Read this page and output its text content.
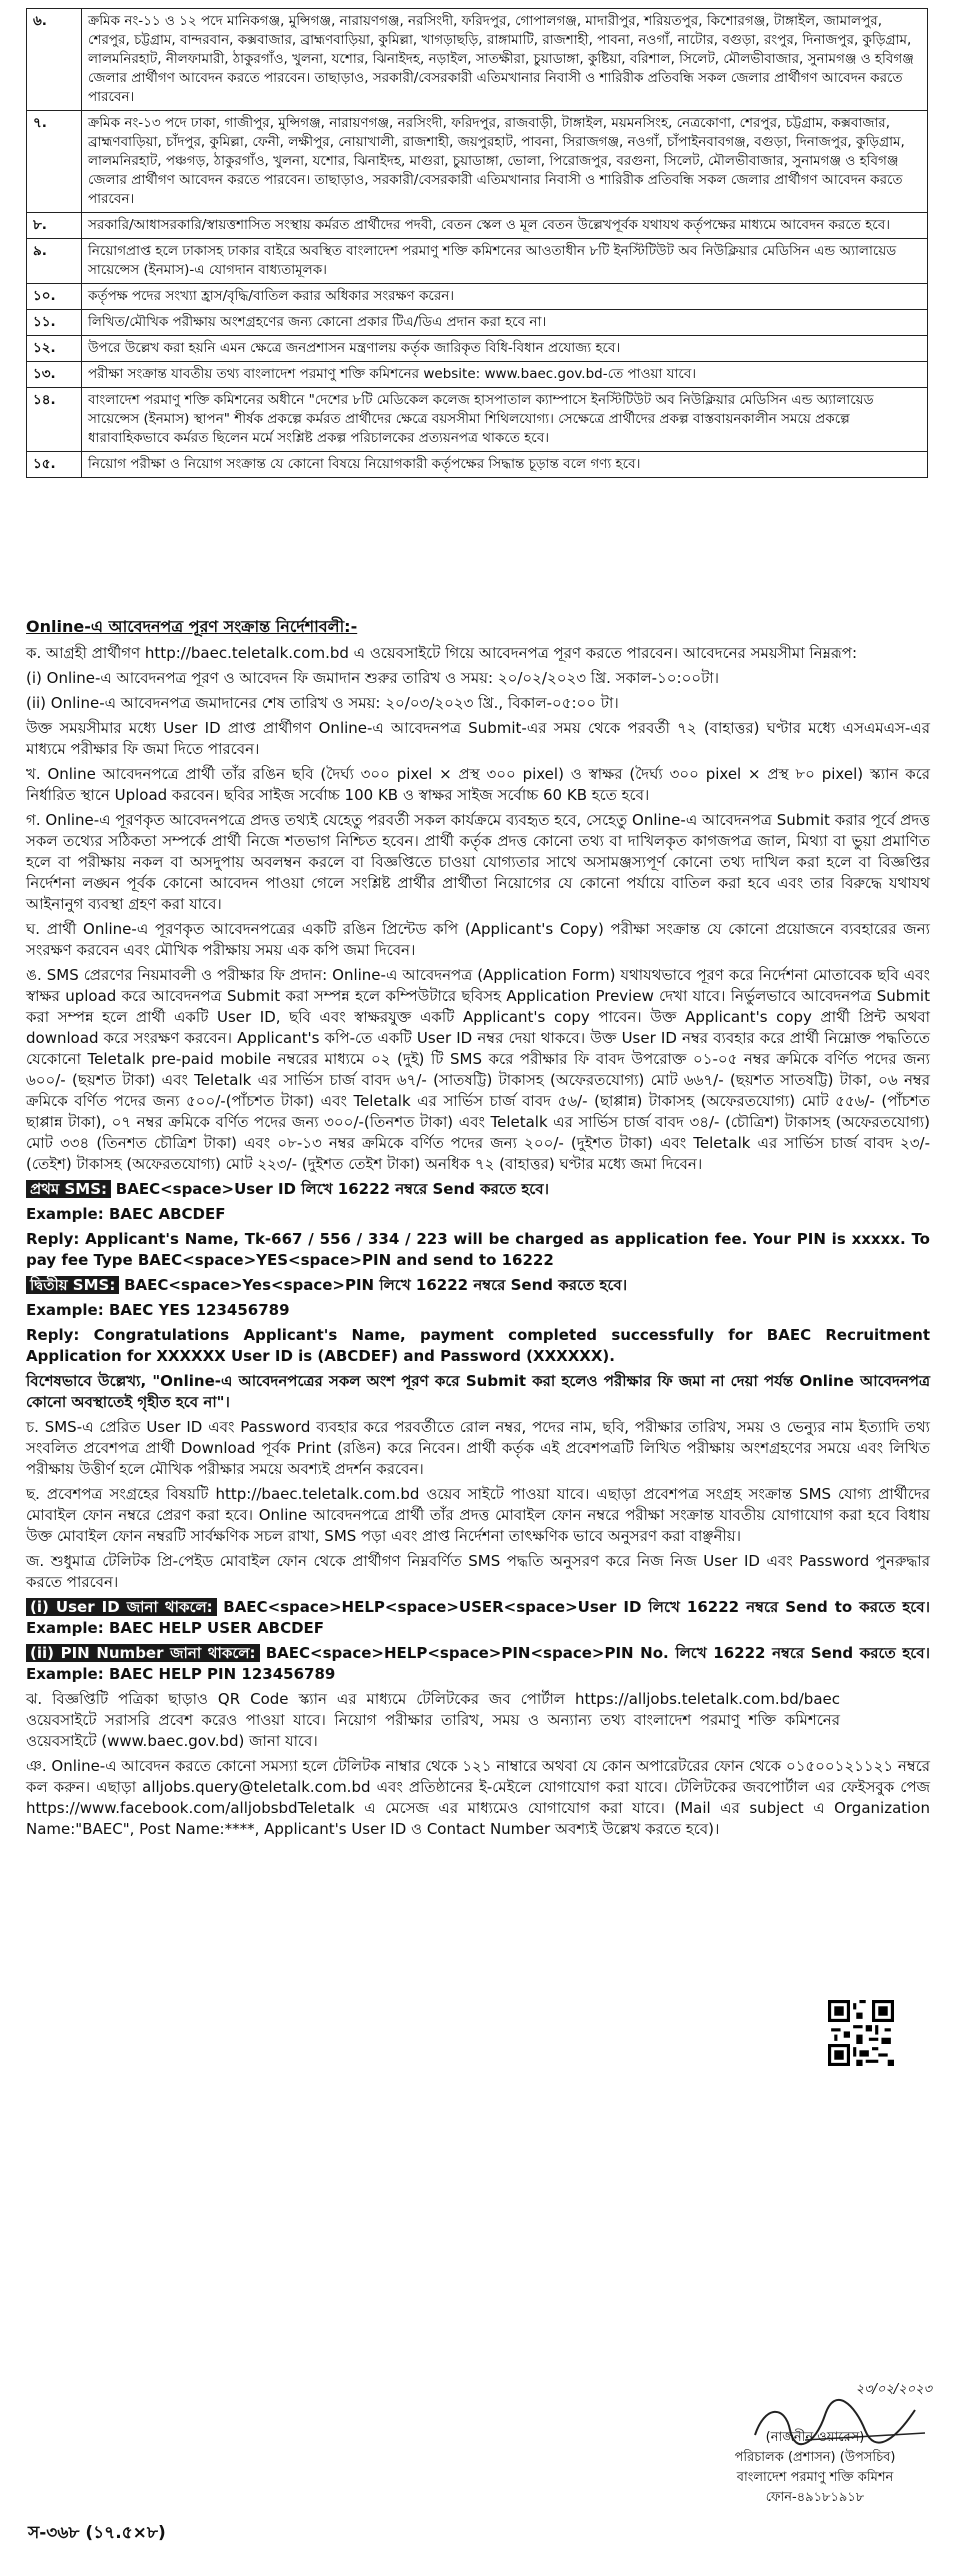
৬.	ক্রমিক নং-১১ ও ১২ পদে মানিকগঞ্জ, মুন্সিগঞ্জ, নারায়ণগঞ্জ, নরসিংদী, ফরিদপুর, গোপালগঞ্জ, মাদারীপুর, শরিয়তপুর, কিশোরগঞ্জ, টাঙ্গাইল, জামালপুর, শেরপুর, চট্টগ্রাম, বান্দরবান, কক্সবাজার, ব্রাহ্মণবাড়িয়া, কুমিল্লা, খাগড়াছড়ি, রাঙ্গামাটি, রাজশাহী, পাবনা, নওগাঁ, নাটোর, বগুড়া, রংপুর, দিনাজপুর, কুড়িগ্রাম, লালমনিরহাট, নীলফামারী, ঠাকুরগাঁও, খুলনা, যশোর, ঝিনাইদহ, নড়াইল, সাতক্ষীরা, চুয়াডাঙ্গা, কুষ্টিয়া, বরিশাল, সিলেট, মৌলভীবাজার, সুনামগঞ্জ ও হবিগঞ্জ জেলার প্রার্থীগণ আবেদন করতে পারবেন। তাছাড়াও, সরকারী/বেসরকারী এতিমখানার নিবাসী ও শারিরীক প্রতিবন্ধি সকল জেলার প্রার্থীগণ আবেদন করতে পারবেন।
৭.	ক্রমিক নং-১৩ পদে ঢাকা, গাজীপুর, মুন্সিগঞ্জ, নারায়ণগঞ্জ, নরসিংদী, ফরিদপুর, রাজবাড়ী, টাঙ্গাইল, ময়মনসিংহ, নেত্রকোণা, শেরপুর, চট্টগ্রাম, কক্সবাজার, ব্রাহ্মণবাড়িয়া, চাঁদপুর, কুমিল্লা, ফেনী, লক্ষীপুর, নোয়াখালী, রাজশাহী, জয়পুরহাট, পাবনা, সিরাজগঞ্জ, নওগাঁ, চাঁপাইনবাবগঞ্জ, বগুড়া, দিনাজপুর, কুড়িগ্রাম, লালমনিরহাট, পঞ্চগড়, ঠাকুরগাঁও, খুলনা, যশোর, ঝিনাইদহ, মাগুরা, চুয়াডাঙ্গা, ভোলা, পিরোজপুর, বরগুনা, সিলেট, মৌলভীবাজার, সুনামগঞ্জ ও হবিগঞ্জ জেলার প্রার্থীগণ আবেদন করতে পারবেন। তাছাড়াও, সরকারী/বেসরকারী এতিমখানার নিবাসী ও শারিরীক প্রতিবন্ধি সকল জেলার প্রার্থীগণ আবেদন করতে পারবেন।
৮.	সরকারি/আধাসরকারি/স্বায়ত্তশাসিত সংস্থায় কর্মরত প্রার্থীদের পদবী, বেতন স্কেল ও মূল বেতন উল্লেখপূর্বক যথাযথ কর্তৃপক্ষের মাধ্যমে আবেদন করতে হবে।
৯.	নিয়োগপ্রাপ্ত হলে ঢাকাসহ ঢাকার বাইরে অবস্থিত বাংলাদেশ পরমাণু শক্তি কমিশনের আওতাধীন ৮টি ইনস্টিটিউট অব নিউক্লিয়ার মেডিসিন এন্ড অ্যালায়েড সায়েন্সেস (ইনমাস)-এ যোগদান বাধ্যতামূলক।
১০.	কর্তৃপক্ষ পদের সংখ্যা হ্রাস/বৃদ্ধি/বাতিল করার অধিকার সংরক্ষণ করেন।
১১.	লিখিত/মৌখিক পরীক্ষায় অংশগ্রহণের জন্য কোনো প্রকার টিএ/ডিএ প্রদান করা হবে না।
১২.	উপরে উল্লেখ করা হয়নি এমন ক্ষেত্রে জনপ্রশাসন মন্ত্রণালয় কর্তৃক জারিকৃত বিধি-বিধান প্রযোজ্য হবে।
১৩.	পরীক্ষা সংক্রান্ত যাবতীয় তথ্য বাংলাদেশ পরমাণু শক্তি কমিশনের website: www.baec.gov.bd-তে পাওয়া যাবে।
১৪.	বাংলাদেশ পরমাণু শক্তি কমিশনের অধীনে "দেশের ৮টি মেডিকেল কলেজ হাসপাতাল ক্যাম্পাসে ইনস্টিটিউট অব নিউক্লিয়ার মেডিসিন এন্ড অ্যালায়েড সায়েন্সেস (ইনমাস) স্থাপন" শীর্ষক প্রকল্পে কর্মরত প্রার্থীদের ক্ষেত্রে বয়সসীমা শিথিলযোগ্য। সেক্ষেত্রে প্রার্থীদের প্রকল্প বাস্তবায়নকালীন সময়ে প্রকল্পে ধারাবাহিকভাবে কর্মরত ছিলেন মর্মে সংশ্লিষ্ট প্রকল্প পরিচালকের প্রত্যয়নপত্র থাকতে হবে।
১৫.	নিয়োগ পরীক্ষা ও নিয়োগ সংক্রান্ত যে কোনো বিষয়ে নিয়োগকারী কর্তৃপক্ষের সিদ্ধান্ত চূড়ান্ত বলে গণ্য হবে।

Online-এ আবেদনপত্র পূরণ সংক্রান্ত নির্দেশাবলী:-

ক. আগ্রহী প্রার্থীগণ http://baec.teletalk.com.bd এ ওয়েবসাইটে গিয়ে আবেদনপত্র পূরণ করতে পারবেন। আবেদনের সময়সীমা নিম্নরূপ:

(i) Online-এ আবেদনপত্র পূরণ ও আবেদন ফি জমাদান শুরুর তারিখ ও সময়: ২০/০২/২০২৩ খ্রি. সকাল-১০:০০টা।

(ii) Online-এ আবেদনপত্র জমাদানের শেষ তারিখ ও সময়: ২০/০৩/২০২৩ খ্রি., বিকাল-০৫:০০ টা।

উক্ত সময়সীমার মধ্যে User ID প্রাপ্ত প্রার্থীগণ Online-এ আবেদনপত্র Submit-এর সময় থেকে পরবর্তী ৭২ (বাহাত্তর) ঘণ্টার মধ্যে এসএমএস-এর মাধ্যমে পরীক্ষার ফি জমা দিতে পারবেন।

খ. Online আবেদনপত্রে প্রার্থী তাঁর রঙিন ছবি (দৈর্ঘ্য ৩০০ pixel × প্রস্থ ৩০০ pixel) ও স্বাক্ষর (দৈর্ঘ্য ৩০০ pixel × প্রস্থ ৮০ pixel) স্ক্যান করে নির্ধারিত স্থানে Upload করবেন। ছবির সাইজ সর্বোচ্চ 100 KB ও স্বাক্ষর সাইজ সর্বোচ্চ 60 KB হতে হবে।

গ. Online-এ পূরণকৃত আবেদনপত্রে প্রদত্ত তথ্যই যেহেতু পরবর্তী সকল কার্যক্রমে ব্যবহৃত হবে, সেহেতু Online-এ আবেদনপত্র Submit করার পূর্বে প্রদত্ত সকল তথ্যের সঠিকতা সম্পর্কে প্রার্থী নিজে শতভাগ নিশ্চিত হবেন। প্রার্থী কর্তৃক প্রদত্ত কোনো তথ্য বা দাখিলকৃত কাগজপত্র জাল, মিথ্যা বা ভুয়া প্রমাণিত হলে বা পরীক্ষায় নকল বা অসদুপায় অবলম্বন করলে বা বিজ্ঞপ্তিতে চাওয়া যোগ্যতার সাথে অসামঞ্জস্যপূর্ণ কোনো তথ্য দাখিল করা হলে বা বিজ্ঞপ্তির নির্দেশনা লঙ্ঘন পূর্বক কোনো আবেদন পাওয়া গেলে সংশ্লিষ্ট প্রার্থীর প্রার্থীতা নিয়োগের যে কোনো পর্যায়ে বাতিল করা হবে এবং তার বিরুদ্ধে যথাযথ আইনানুগ ব্যবস্থা গ্রহণ করা যাবে।

ঘ. প্রার্থী Online-এ পূরণকৃত আবেদনপত্রের একটি রঙিন প্রিন্টেড কপি (Applicant's Copy) পরীক্ষা সংক্রান্ত যে কোনো প্রয়োজনে ব্যবহারের জন্য সংরক্ষণ করবেন এবং মৌখিক পরীক্ষায় সময় এক কপি জমা দিবেন।

ঙ. SMS প্রেরণের নিয়মাবলী ও পরীক্ষার ফি প্রদান: Online-এ আবেদনপত্র (Application Form) যথাযথভাবে পূরণ করে নির্দেশনা মোতাবেক ছবি এবং স্বাক্ষর upload করে আবেদনপত্র Submit করা সম্পন্ন হলে কম্পিউটারে ছবিসহ Application Preview দেখা যাবে। নির্ভুলভাবে আবেদনপত্র Submit করা সম্পন্ন হলে প্রার্থী একটি User ID, ছবি এবং স্বাক্ষরযুক্ত একটি Applicant's copy পাবেন। উক্ত Applicant's copy প্রার্থী প্রিন্ট অথবা download করে সংরক্ষণ করবেন। Applicant's কপি-তে একটি User ID নম্বর দেয়া থাকবে। উক্ত User ID নম্বর ব্যবহার করে প্রার্থী নিম্নোক্ত পদ্ধতিতে যেকোনো Teletalk pre-paid mobile নম্বরের মাধ্যমে ০২ (দুই) টি SMS করে পরীক্ষার ফি বাবদ উপরোক্ত ০১-০৫ নম্বর ক্রমিকে বর্ণিত পদের জন্য ৬০০/- (ছয়শত টাকা) এবং Teletalk এর সার্ভিস চার্জ বাবদ ৬৭/- (সাতষট্টি) টাকাসহ (অফেরতযোগ্য) মোট ৬৬৭/- (ছয়শত সাতষট্টি) টাকা, ০৬ নম্বর ক্রমিকে বর্ণিত পদের জন্য ৫০০/-(পাঁচশত টাকা) এবং Teletalk এর সার্ভিস চার্জ বাবদ ৫৬/- (ছাপ্পান্ন) টাকাসহ (অফেরতযোগ্য) মোট ৫৫৬/- (পাঁচশত ছাপ্পান্ন টাকা), ০৭ নম্বর ক্রমিকে বর্ণিত পদের জন্য ৩০০/-(তিনশত টাকা) এবং Teletalk এর সার্ভিস চার্জ বাবদ ৩৪/- (চৌত্রিশ) টাকাসহ (অফেরতযোগ্য) মোট ৩৩৪ (তিনশত চৌত্রিশ টাকা) এবং ০৮-১৩ নম্বর ক্রমিকে বর্ণিত পদের জন্য ২০০/- (দুইশত টাকা) এবং Teletalk এর সার্ভিস চার্জ বাবদ ২৩/- (তেইশ) টাকাসহ (অফেরতযোগ্য) মোট ২২৩/- (দুইশত তেইশ টাকা) অনধিক ৭২ (বাহাত্তর) ঘণ্টার মধ্যে জমা দিবেন।

প্রথম SMS: BAEC<space>User ID লিখে 16222 নম্বরে Send করতে হবে।

Example: BAEC ABCDEF

Reply: Applicant's Name, Tk-667 / 556 / 334 / 223 will be charged as application fee. Your PIN is xxxxx. To pay fee Type BAEC<space>YES<space>PIN and send to 16222

দ্বিতীয় SMS: BAEC<space>Yes<space>PIN লিখে 16222 নম্বরে Send করতে হবে।

Example: BAEC YES 123456789

Reply: Congratulations Applicant's Name, payment completed successfully for BAEC Recruitment Application for XXXXXX User ID is (ABCDEF) and Password (XXXXXX).

বিশেষভাবে উল্লেখ্য, "Online-এ আবেদনপত্রের সকল অংশ পূরণ করে Submit করা হলেও পরীক্ষার ফি জমা না দেয়া পর্যন্ত Online আবেদনপত্র কোনো অবস্থাতেই গৃহীত হবে না"।

চ. SMS-এ প্রেরিত User ID এবং Password ব্যবহার করে পরবর্তীতে রোল নম্বর, পদের নাম, ছবি, পরীক্ষার তারিখ, সময় ও ভেন্যুর নাম ইত্যাদি তথ্য সংবলিত প্রবেশপত্র প্রার্থী Download পূর্বক Print (রঙিন) করে নিবেন। প্রার্থী কর্তৃক এই প্রবেশপত্রটি লিখিত পরীক্ষায় অংশগ্রহণের সময়ে এবং লিখিত পরীক্ষায় উত্তীর্ণ হলে মৌখিক পরীক্ষার সময়ে অবশ্যই প্রদর্শন করবেন।

ছ. প্রবেশপত্র সংগ্রহের বিষয়টি http://baec.teletalk.com.bd ওয়েব সাইটে পাওয়া যাবে। এছাড়া প্রবেশপত্র সংগ্রহ সংক্রান্ত SMS যোগ্য প্রার্থীদের মোবাইল ফোন নম্বরে প্রেরণ করা হবে। Online আবেদনপত্রে প্রার্থী তাঁর প্রদত্ত মোবাইল ফোন নম্বরে পরীক্ষা সংক্রান্ত যাবতীয় যোগাযোগ করা হবে বিধায় উক্ত মোবাইল ফোন নম্বরটি সার্বক্ষণিক সচল রাখা, SMS পড়া এবং প্রাপ্ত নির্দেশনা তাৎক্ষণিক ভাবে অনুসরণ করা বাঞ্ছনীয়।

জ. শুধুমাত্র টেলিটক প্রি-পেইড মোবাইল ফোন থেকে প্রার্থীগণ নিম্নবর্ণিত SMS পদ্ধতি অনুসরণ করে নিজ নিজ User ID এবং Password পুনরুদ্ধার করতে পারবেন।

(i) User ID জানা থাকলে: BAEC<space>HELP<space>USER<space>User ID লিখে 16222 নম্বরে Send to করতে হবে। Example: BAEC HELP USER ABCDEF

(ii) PIN Number জানা থাকলে: BAEC<space>HELP<space>PIN<space>PIN No. লিখে 16222 নম্বরে Send করতে হবে। Example: BAEC HELP PIN 123456789

ঝ. বিজ্ঞপ্তিটি পত্রিকা ছাড়াও QR Code স্ক্যান এর মাধ্যমে টেলিটকের জব পোর্টাল https://alljobs.teletalk.com.bd/baec ওয়েবসাইটে সরাসরি প্রবেশ করেও পাওয়া যাবে। নিয়োগ পরীক্ষার তারিখ, সময় ও অন্যান্য তথ্য বাংলাদেশ পরমাণু শক্তি কমিশনের ওয়েবসাইটে (www.baec.gov.bd) জানা যাবে।

ঞ. Online-এ আবেদন করতে কোনো সমস্যা হলে টেলিটক নাম্বার থেকে ১২১ নাম্বারে অথবা যে কোন অপারেটরের ফোন থেকে ০১৫০০১২১১২১ নম্বরে কল করুন। এছাড়া alljobs.query@teletalk.com.bd এবং প্রতিষ্ঠানের ই-মেইলে যোগাযোগ করা যাবে। টেলিটকের জবপোর্টাল এর ফেইসবুক পেজ https://www.facebook.com/alljobsbdTeletalk এ মেসেজ এর মাধ্যমেও যোগাযোগ করা যাবে। (Mail এর subject এ Organization Name:"BAEC", Post Name:****, Applicant's User ID ও Contact Number অবশ্যই উল্লেখ করতে হবে)।

২৩/০২/২০২৩
(নাজনীন ওয়ারেস)
পরিচালক (প্রশাসন) (উপসচিব)
বাংলাদেশ পরমাণু শক্তি কমিশন
ফোন-৪৯১৮১৯১৮
স-৩৬৮ (১৭.৫×৮)
